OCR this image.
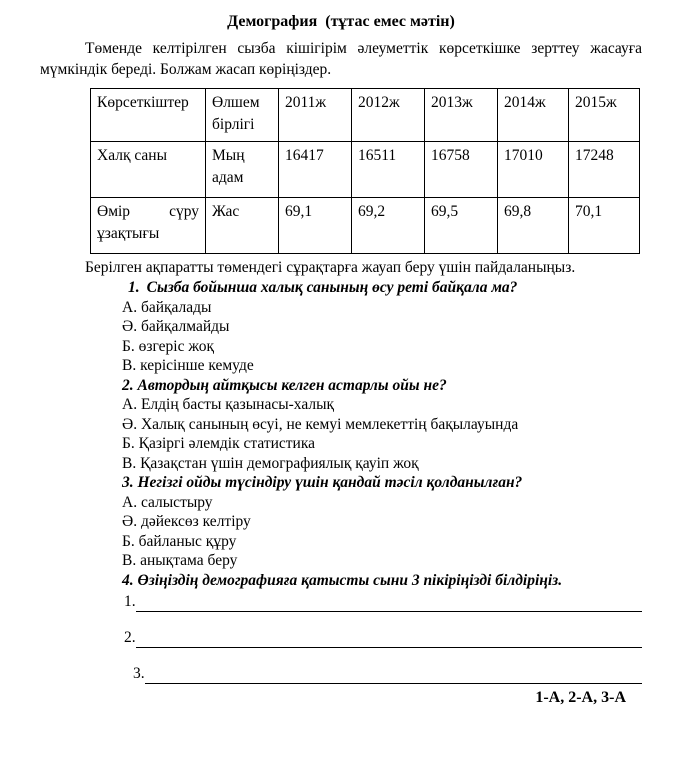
Демография  (тұтас емес мәтін)

Төменде келтірілген сызба кішігірім әлеуметтік көрсеткішке зерттеу жасауға мүмкіндік береді. Болжам жасап көріңіздер.

Көрсеткіштер	Өлшем бірлігі	2011ж	2012ж	2013ж	2014ж	2015ж
Халқ саны	Мың адам	16417	16511	16758	17010	17248
Өмір сүру ұзақтығы	Жас	69,1	69,2	69,5	69,8	70,1

Берілген ақпаратты төмендегі сұрақтарға жауап беру үшін пайдаланыңыз.

1. Сызба бойынша халық санының өсу реті байқала ма?
А. байқалады
Ә. байқалмайды
Б. өзгеріс жоқ
В. керісінше кемуде
2. Автордың айтқысы келген астарлы ойы не?
А. Елдің басты қазынасы-халық
Ә. Халық санының өсуі, не кемуі мемлекеттің бақылауында
Б. Қазіргі әлемдік статистика
В. Қазақстан үшін демографиялық қауіп жоқ
3. Негізгі ойды түсіндіру үшін қандай тәсіл қолданылған?
А. салыстыру
Ә. дәйексөз келтіру
Б. байланыс құру
В. анықтама беру
4. Өзіңіздің демографияға қатысты сыни 3 пікіріңізді білдіріңіз.
1.
2.
3.
1-А, 2-А, 3-А
